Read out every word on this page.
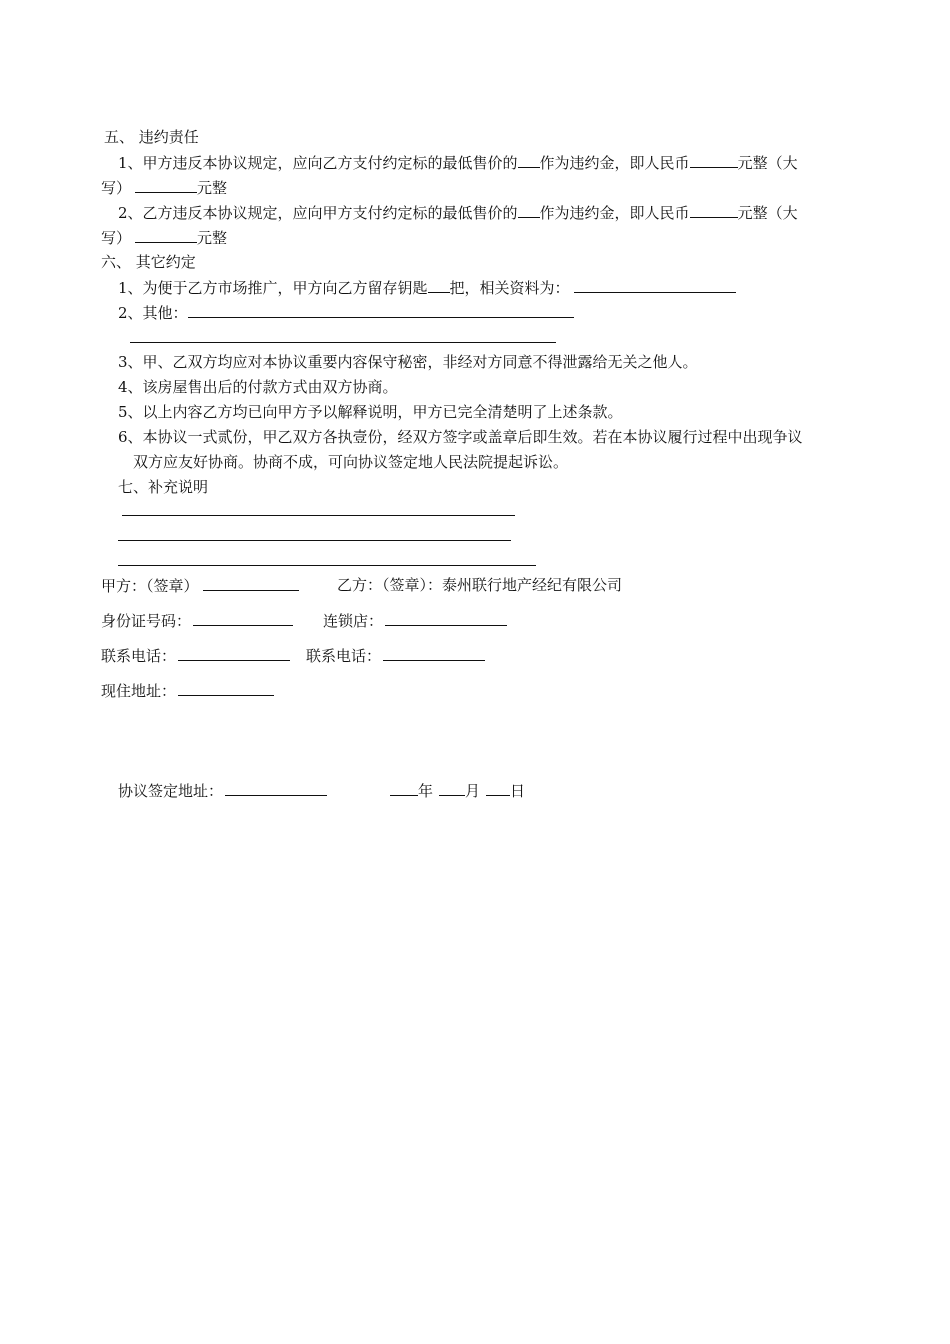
五、 违约责任
1、甲方违反本协议规定，应向乙方支付约定标的最低售价的 作为违约金，即人民币	元整（大
写）	元整
2、乙方违反本协议规定，应向甲方支付约定标的最低售价的 作为违约金，即人民币	元整（大
写）	元整
六、 其它约定
1、为便于乙方市场推广，甲方向乙方留存钥匙 把，相关资料为：
2、其他：
3、甲、乙双方均应对本协议重要内容保守秘密，非经对方同意不得泄露给无关之他人。
4、该房屋售出后的付款方式由双方协商。
5、以上内容乙方均已向甲方予以解释说明，甲方已完全清楚明了上述条款。
6、本协议一式贰份，甲乙双方各执壹份，经双方签字或盖章后即生效。若在本协议履行过程中出现争议
双方应友好协商。协商不成，可向协议签定地人民法院提起诉讼。
七、补充说明
甲方：（签章）	乙方：（签章）：泰州联行地产经纪有限公司
身份证号码：	连锁店：
联系电话：	联系电话：
现住地址：
协议签定地址：	年 月 日
